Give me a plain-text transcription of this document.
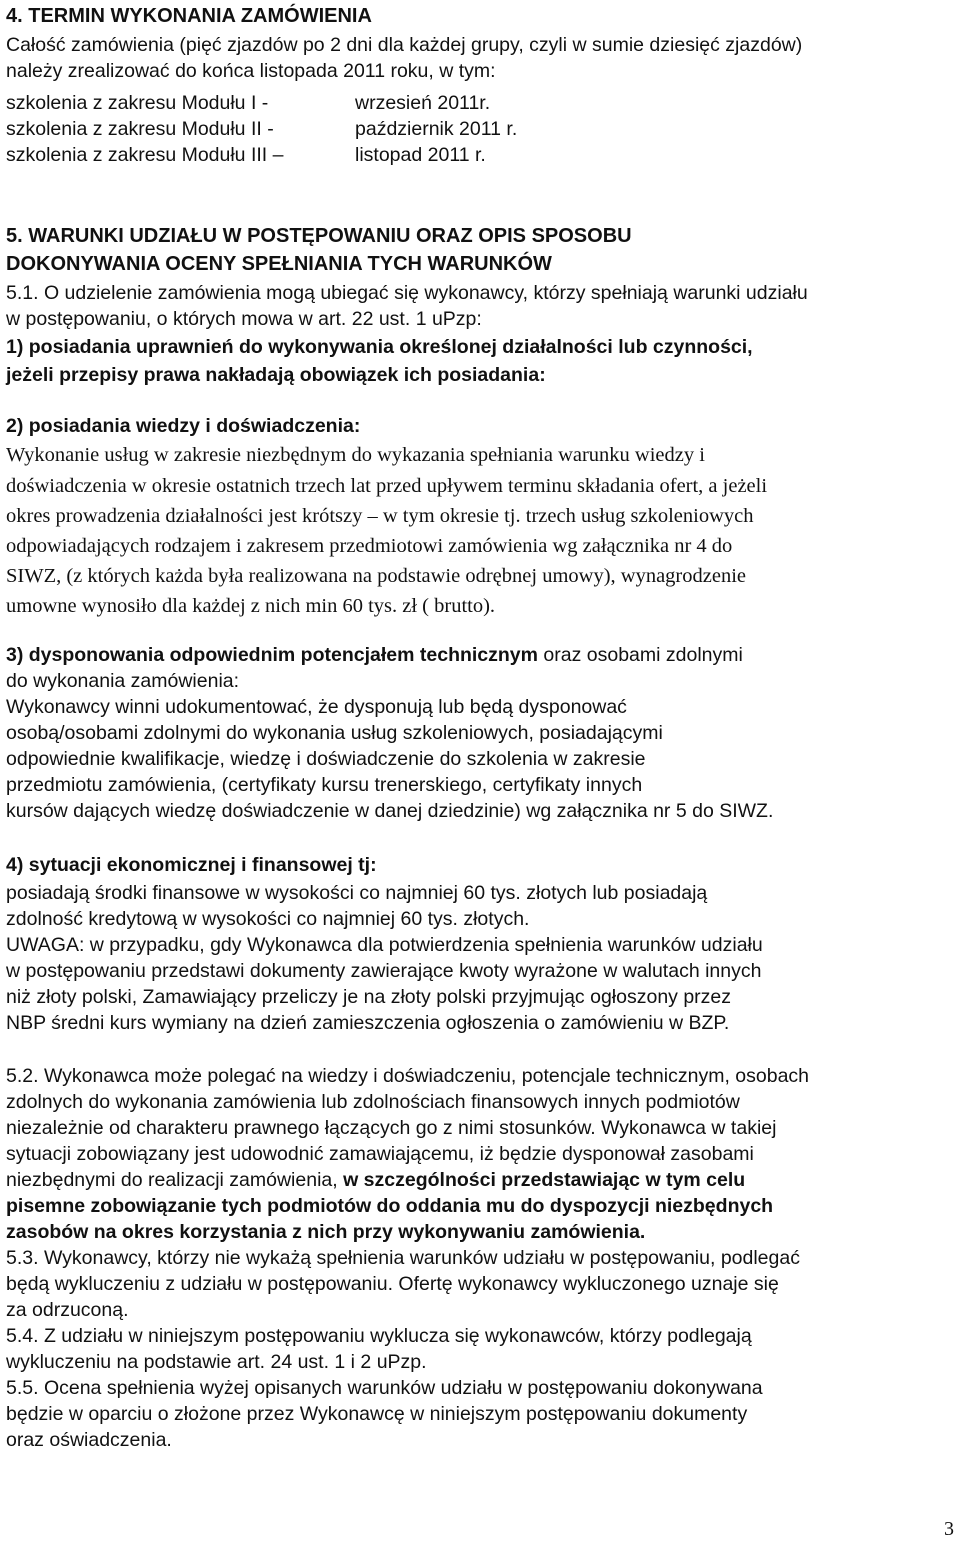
4. TERMIN WYKONANIA ZAMÓWIENIA
Całość zamówienia (pięć zjazdów po 2 dni dla każdej grupy, czyli w sumie dziesięć zjazdów)
należy zrealizować do końca listopada 2011 roku, w tym:
szkolenia z zakresu Modułu I -	wrzesień 2011r.
szkolenia z zakresu Modułu II -	październik 2011 r.
szkolenia z zakresu Modułu III –	listopad 2011 r.
5. WARUNKI UDZIAŁU W POSTĘPOWANIU ORAZ OPIS SPOSOBU
DOKONYWANIA OCENY SPEŁNIANIA TYCH WARUNKÓW
5.1. O udzielenie zamówienia mogą ubiegać się wykonawcy, którzy spełniają warunki udziału
w postępowaniu, o których mowa w art. 22 ust. 1 uPzp:
1) posiadania uprawnień do wykonywania określonej działalności lub czynności,
jeżeli przepisy prawa nakładają obowiązek ich posiadania:
2) posiadania wiedzy i doświadczenia:
Wykonanie usług w zakresie niezbędnym do wykazania spełniania warunku wiedzy i
doświadczenia w okresie ostatnich trzech lat przed upływem terminu składania ofert, a jeżeli
okres prowadzenia działalności jest krótszy – w tym okresie tj. trzech usług szkoleniowych
odpowiadających rodzajem i zakresem przedmiotowi zamówienia wg załącznika nr 4 do
SIWZ, (z których każda była realizowana na podstawie odrębnej umowy), wynagrodzenie
umowne wynosiło dla każdej z nich min 60 tys. zł ( brutto).
3) dysponowania odpowiednim potencjałem technicznym oraz osobami zdolnymi
do wykonania zamówienia:
Wykonawcy winni udokumentować, że dysponują lub będą dysponować
osobą/osobami zdolnymi do wykonania usług szkoleniowych, posiadającymi
odpowiednie kwalifikacje, wiedzę i doświadczenie do szkolenia w zakresie
przedmiotu zamówienia, (certyfikaty kursu trenerskiego, certyfikaty innych
kursów dających wiedzę doświadczenie w danej dziedzinie) wg załącznika nr 5 do SIWZ.
4) sytuacji ekonomicznej i finansowej tj:
posiadają środki finansowe w wysokości co najmniej 60 tys. złotych lub posiadają
zdolność kredytową w wysokości co najmniej 60 tys. złotych.
UWAGA: w przypadku, gdy Wykonawca dla potwierdzenia spełnienia warunków udziału
w postępowaniu przedstawi dokumenty zawierające kwoty wyrażone w walutach innych
niż złoty polski, Zamawiający przeliczy je na złoty polski przyjmując ogłoszony przez
NBP średni kurs wymiany na dzień zamieszczenia ogłoszenia o zamówieniu w BZP.
5.2. Wykonawca może polegać na wiedzy i doświadczeniu, potencjale technicznym, osobach
zdolnych do wykonania zamówienia lub zdolnościach finansowych innych podmiotów
niezależnie od charakteru prawnego łączących go z nimi stosunków. Wykonawca w takiej
sytuacji zobowiązany jest udowodnić zamawiającemu, iż będzie dysponował zasobami
niezbędnymi do realizacji zamówienia, w szczególności przedstawiając w tym celu
pisemne zobowiązanie tych podmiotów do oddania mu do dyspozycji niezbędnych
zasobów na okres korzystania z nich przy wykonywaniu zamówienia.
5.3. Wykonawcy, którzy nie wykażą spełnienia warunków udziału w postępowaniu, podlegać
będą wykluczeniu z udziału w postępowaniu. Ofertę wykonawcy wykluczonego uznaje się
za odrzuconą.
5.4. Z udziału w niniejszym postępowaniu wyklucza się wykonawców, którzy podlegają
wykluczeniu na podstawie art. 24 ust. 1 i 2 uPzp.
5.5. Ocena spełnienia wyżej opisanych warunków udziału w postępowaniu dokonywana
będzie w oparciu o złożone przez Wykonawcę w niniejszym postępowaniu dokumenty
oraz oświadczenia.
3
